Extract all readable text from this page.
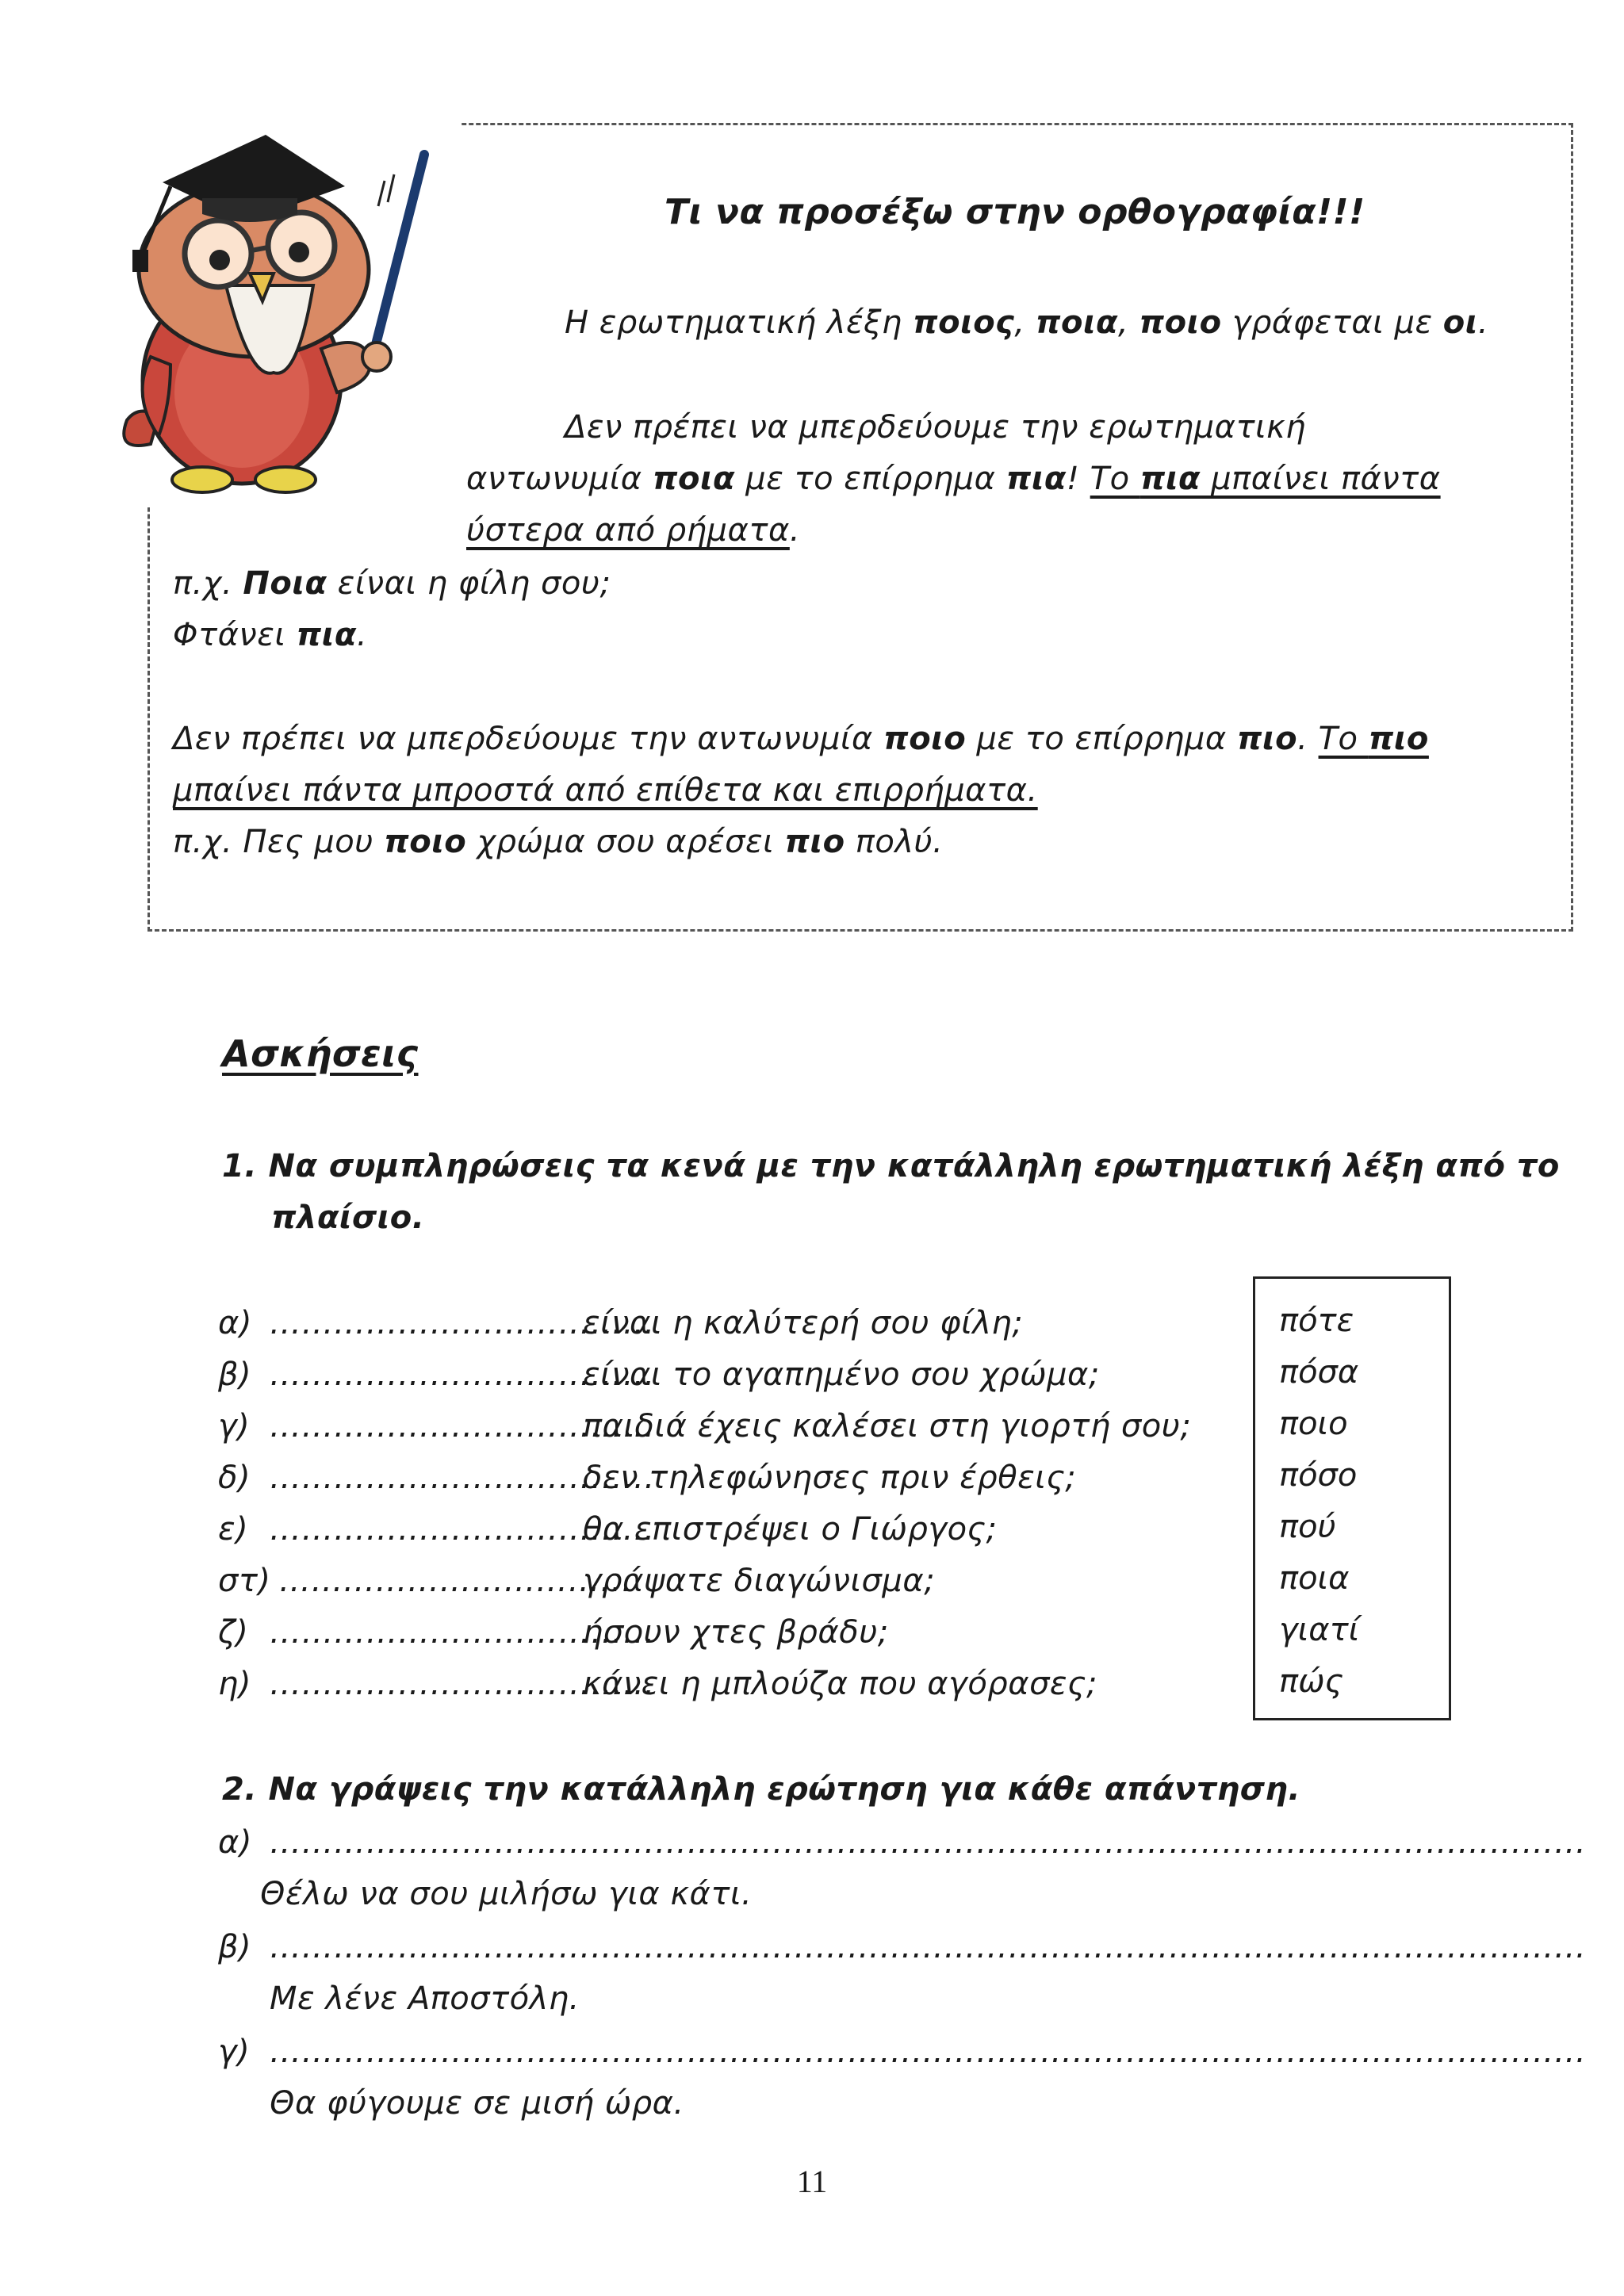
Τι να προσέξω στην ορθογραφία!!!
Η ερωτηματική λέξη ποιος, ποια, ποιο γράφεται με οι.
Δεν πρέπει να μπερδεύουμε την ερωτηματική
αντωνυμία ποια με το επίρρημα πια! Το πια μπαίνει πάντα
ύστερα από ρήματα.
π.χ. Ποια είναι η φίλη σου;
Φτάνει πια.
Δεν πρέπει να μπερδεύουμε την αντωνυμία ποιο με το επίρρημα πιο. Το πιο
μπαίνει πάντα μπροστά από επίθετα και επιρρήματα.
π.χ. Πες μου ποιο χρώμα σου αρέσει πιο πολύ.
Ασκήσεις
1. Να συμπληρώσεις τα κενά με την κατάλληλη ερωτηματική λέξη από το
πλαίσιο.
α) ………………………………
είναι η καλύτερή σου φίλη;
β) ………………………………
είναι το αγαπημένο σου χρώμα;
γ) ………………………………
παιδιά έχεις καλέσει στη γιορτή σου;
δ) ………………………………
δεν τηλεφώνησες πριν έρθεις;
ε) ………………………………
θα επιστρέψει ο Γιώργος;
στ) ……………………………
γράψατε διαγώνισμα;
ζ) ………………………………
ήσουν χτες βράδυ;
η) ………………………………
κάνει η μπλούζα που αγόρασες;
πότε
πόσα
ποιο
πόσο
πού
ποια
γιατί
πώς
2. Να γράψεις την κατάλληλη ερώτηση για κάθε απάντηση.
α) ……………………………………………………………………………………………………………
Θέλω να σου μιλήσω για κάτι.
β) ……………………………………………………………………………………………………………
Με λένε Αποστόλη.
γ) ……………………………………………………………………………………………………………
Θα φύγουμε σε μισή ώρα.
11
